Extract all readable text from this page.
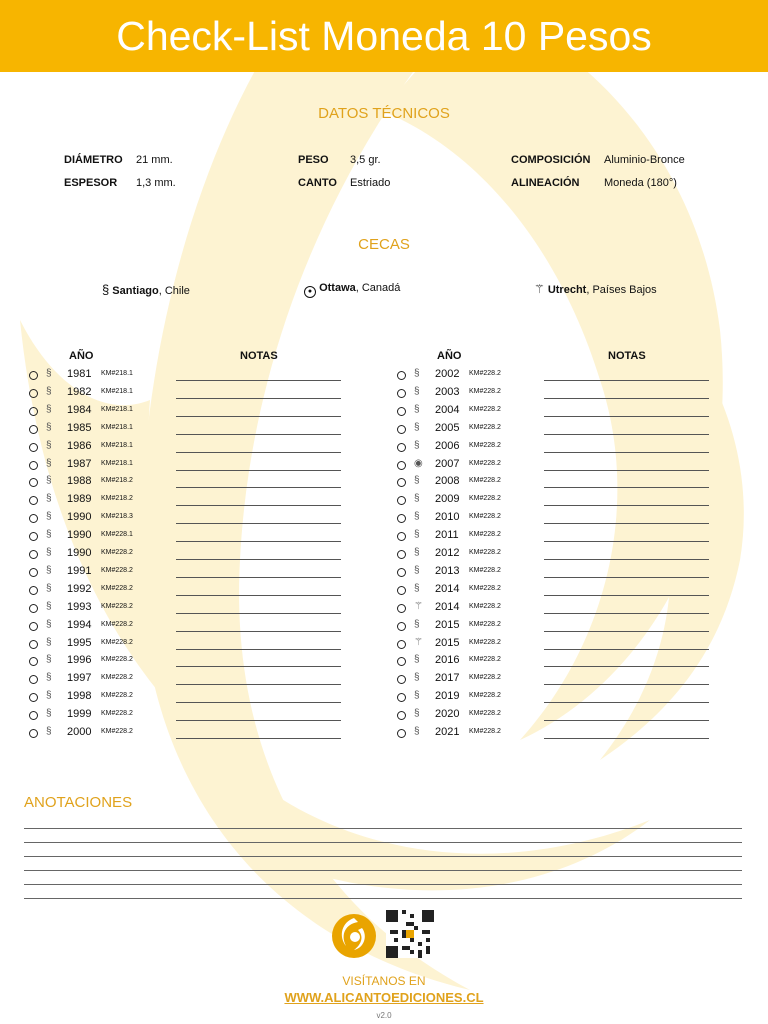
Check-List Moneda 10 Pesos
DATOS TÉCNICOS
DIÁMETRO 21 mm.
ESPESOR 1,3 mm.
PESO 3,5 gr.
CANTO Estriado
COMPOSICIÓN Aluminio-Bronce
ALINEACIÓN Moneda (180°)
CECAS
§ Santiago, Chile	● Ottawa, Canadá	⚚ Utrecht, Países Bajos
AÑO	NOTAS	AÑO	NOTAS
§ 1981 KM#218.1
§ 1982 KM#218.1
§ 1984 KM#218.1
§ 1985 KM#218.1
§ 1986 KM#218.1
§ 1987 KM#218.1
§ 1988 KM#218.2
§ 1989 KM#218.2
§ 1990 KM#218.3
§ 1990 KM#228.1
§ 1990 KM#228.2
§ 1991 KM#228.2
§ 1992 KM#228.2
§ 1993 KM#228.2
§ 1994 KM#228.2
§ 1995 KM#228.2
§ 1996 KM#228.2
§ 1997 KM#228.2
§ 1998 KM#228.2
§ 1999 KM#228.2
§ 2000 KM#228.2
§ 2002 KM#228.2
§ 2003 KM#228.2
§ 2004 KM#228.2
§ 2005 KM#228.2
§ 2006 KM#228.2
◉ 2007 KM#228.2
§ 2008 KM#228.2
§ 2009 KM#228.2
§ 2010 KM#228.2
§ 2011 KM#228.2
§ 2012 KM#228.2
§ 2013 KM#228.2
§ 2014 KM#228.2
⚚ 2014 KM#228.2
§ 2015 KM#228.2
⚚ 2015 KM#228.2
§ 2016 KM#228.2
§ 2017 KM#228.2
§ 2019 KM#228.2
§ 2020 KM#228.2
§ 2021 KM#228.2
ANOTACIONES
VISÍTANOS EN
WWW.ALICANTOEDICIONES.CL
v2.0
